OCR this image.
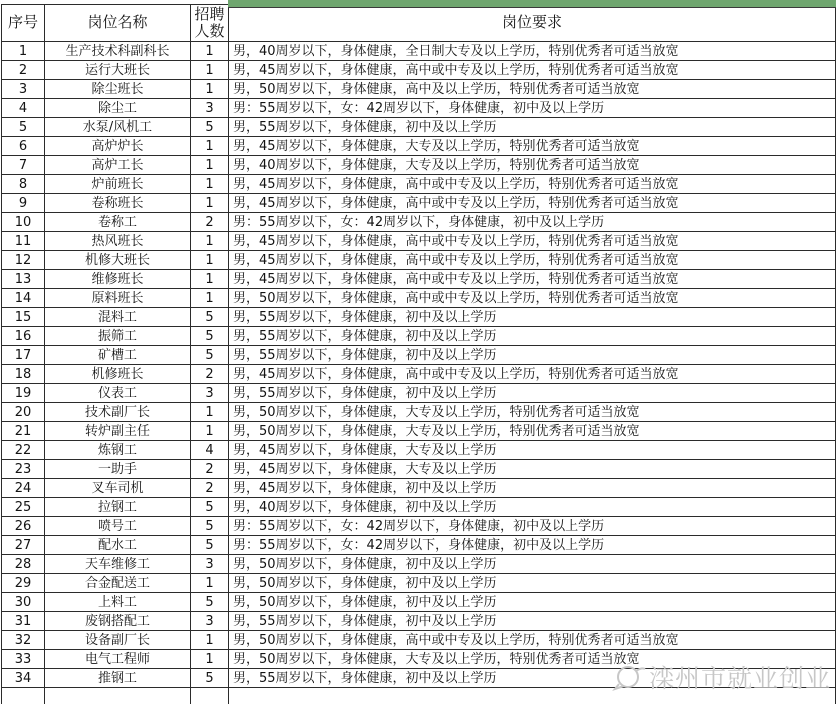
序号	岗位名称	招聘人数	岗位要求
1	生产技术科副科长	1	男，40周岁以下，身体健康，全日制大专及以上学历，特别优秀者可适当放宽
2	运行大班长	1	男，45周岁以下，身体健康，高中或中专及以上学历，特别优秀者可适当放宽
3	除尘班长	1	男，50周岁以下，身体健康，高中及以上学历，特别优秀者可适当放宽
4	除尘工	3	男：55周岁以下，女：42周岁以下，身体健康，初中及以上学历
5	水泵/风机工	5	男，55周岁以下，身体健康，初中及以上学历
6	高炉炉长	1	男，45周岁以下，身体健康，大专及以上学历，特别优秀者可适当放宽
7	高炉工长	1	男，40周岁以下，身体健康，大专及以上学历，特别优秀者可适当放宽
8	炉前班长	1	男，45周岁以下，身体健康，高中或中专及以上学历，特别优秀者可适当放宽
9	卷称班长	1	男，45周岁以下，身体健康，高中或中专及以上学历，特别优秀者可适当放宽
10	卷称工	2	男：55周岁以下，女：42周岁以下，身体健康，初中及以上学历
11	热风班长	1	男，45周岁以下，身体健康，高中或中专及以上学历，特别优秀者可适当放宽
12	机修大班长	1	男，45周岁以下，身体健康，高中或中专及以上学历，特别优秀者可适当放宽
13	维修班长	1	男，45周岁以下，身体健康，高中或中专及以上学历，特别优秀者可适当放宽
14	原料班长	1	男，50周岁以下，身体健康，高中或中专及以上学历，特别优秀者可适当放宽
15	混料工	5	男，55周岁以下，身体健康，初中及以上学历
16	振筛工	5	男，55周岁以下，身体健康，初中及以上学历
17	矿槽工	5	男，55周岁以下，身体健康，初中及以上学历
18	机修班长	2	男，45周岁以下，身体健康，高中或中专及以上学历，特别优秀者可适当放宽
19	仪表工	3	男，55周岁以下，身体健康，初中及以上学历
20	技术副厂长	1	男，50周岁以下，身体健康，大专及以上学历，特别优秀者可适当放宽
21	转炉副主任	1	男，50周岁以下，身体健康，大专及以上学历，特别优秀者可适当放宽
22	炼钢工	4	男，45周岁以下，身体健康，大专及以上学历
23	一助手	2	男，45周岁以下，身体健康，大专及以上学历
24	叉车司机	2	男，45周岁以下，身体健康，初中及以上学历
25	拉钢工	5	男，40周岁以下，身体健康，初中及以上学历
26	喷号工	5	男：55周岁以下，女：42周岁以下，身体健康，初中及以上学历
27	配水工	5	男：55周岁以下，女：42周岁以下，身体健康，初中及以上学历
28	天车维修工	3	男，50周岁以下，身体健康，初中及以上学历
29	合金配送工	1	男，50周岁以下，身体健康，初中及以上学历
30	上料工	5	男，50周岁以下，身体健康，初中及以上学历
31	废钢搭配工	3	男，55周岁以下，身体健康，初中及以上学历
32	设备副厂长	1	男，50周岁以下，身体健康，高中或中专及以上学历，特别优秀者可适当放宽
33	电气工程师	1	男，50周岁以下，身体健康，大专及以上学历，特别优秀者可适当放宽
34	推钢工	5	男，55周岁以下，身体健康，初中及以上学历
				滦州市就业创业
